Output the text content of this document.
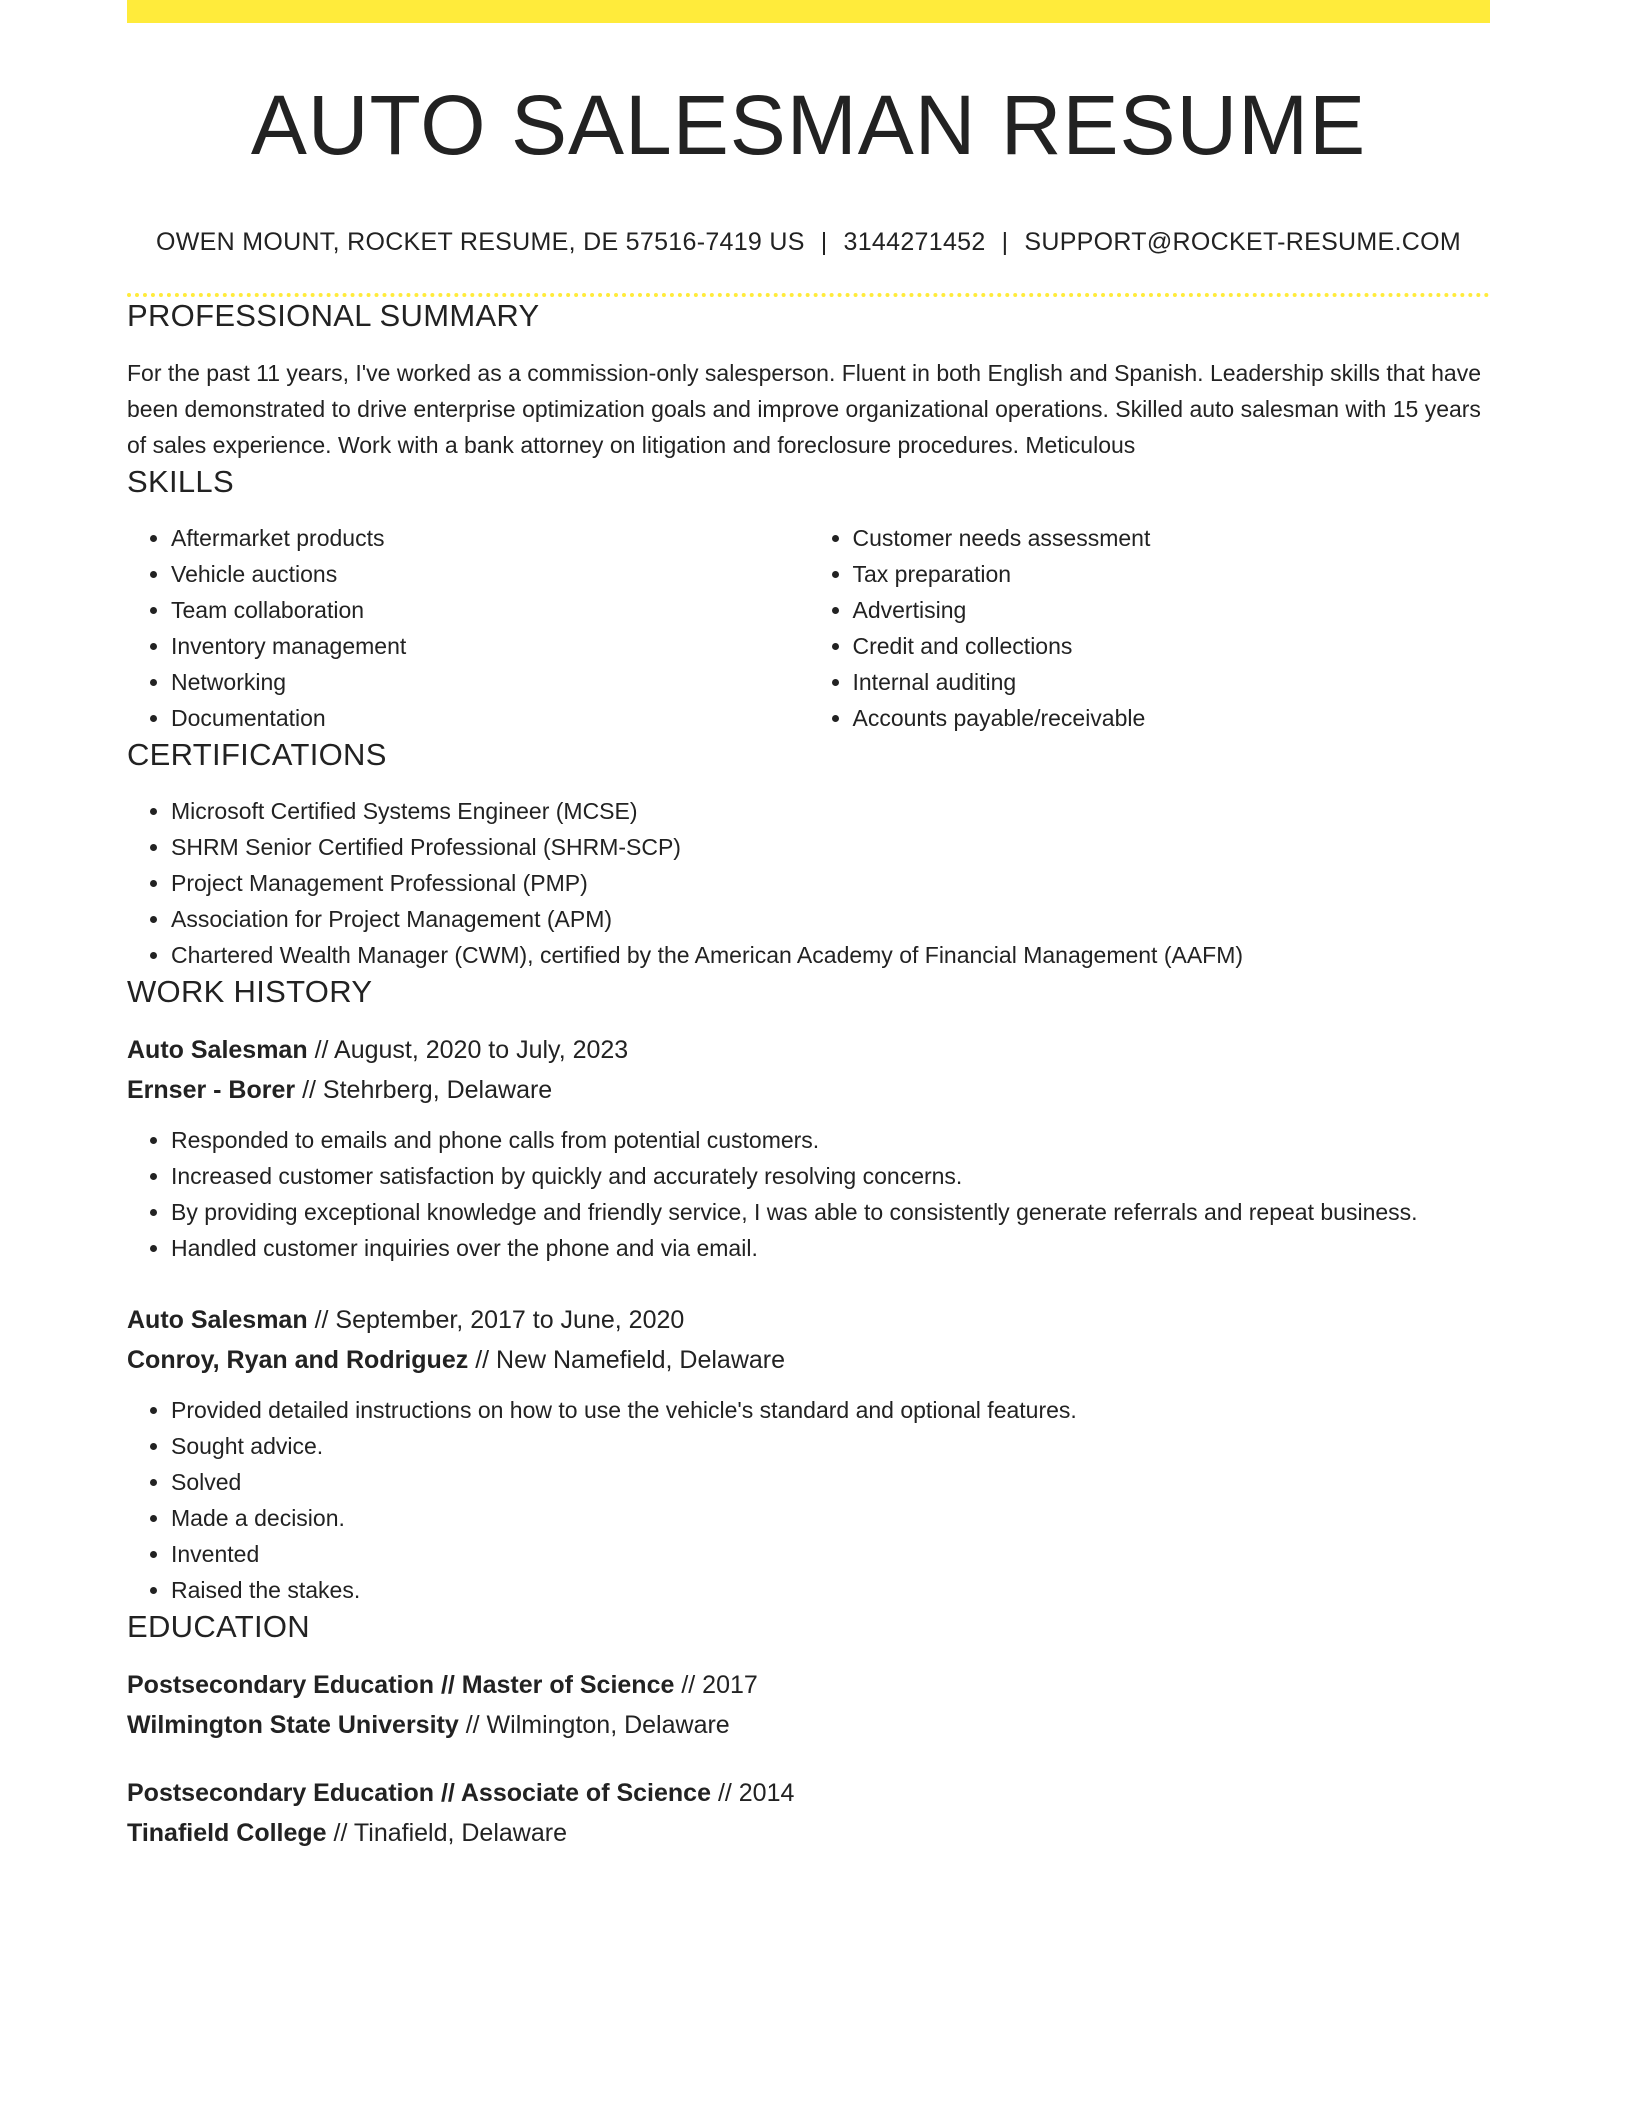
AUTO SALESMAN RESUME
OWEN MOUNT, ROCKET RESUME, DE 57516-7419 US | 3144271452 | SUPPORT@ROCKET-RESUME.COM
PROFESSIONAL SUMMARY
For the past 11 years, I've worked as a commission-only salesperson. Fluent in both English and Spanish. Leadership skills that have been demonstrated to drive enterprise optimization goals and improve organizational operations. Skilled auto salesman with 15 years of sales experience. Work with a bank attorney on litigation and foreclosure procedures. Meticulous
SKILLS
• Aftermarket products
• Vehicle auctions
• Team collaboration
• Inventory management
• Networking
• Documentation
• Customer needs assessment
• Tax preparation
• Advertising
• Credit and collections
• Internal auditing
• Accounts payable/receivable
CERTIFICATIONS
• Microsoft Certified Systems Engineer (MCSE)
• SHRM Senior Certified Professional (SHRM-SCP)
• Project Management Professional (PMP)
• Association for Project Management (APM)
• Chartered Wealth Manager (CWM), certified by the American Academy of Financial Management (AAFM)
WORK HISTORY
Auto Salesman // August, 2020 to July, 2023
Ernser - Borer // Stehrberg, Delaware
• Responded to emails and phone calls from potential customers.
• Increased customer satisfaction by quickly and accurately resolving concerns.
• By providing exceptional knowledge and friendly service, I was able to consistently generate referrals and repeat business.
• Handled customer inquiries over the phone and via email.
Auto Salesman // September, 2017 to June, 2020
Conroy, Ryan and Rodriguez // New Namefield, Delaware
• Provided detailed instructions on how to use the vehicle's standard and optional features.
• Sought advice.
• Solved
• Made a decision.
• Invented
• Raised the stakes.
EDUCATION
Postsecondary Education // Master of Science // 2017
Wilmington State University // Wilmington, Delaware
Postsecondary Education // Associate of Science // 2014
Tinafield College // Tinafield, Delaware
